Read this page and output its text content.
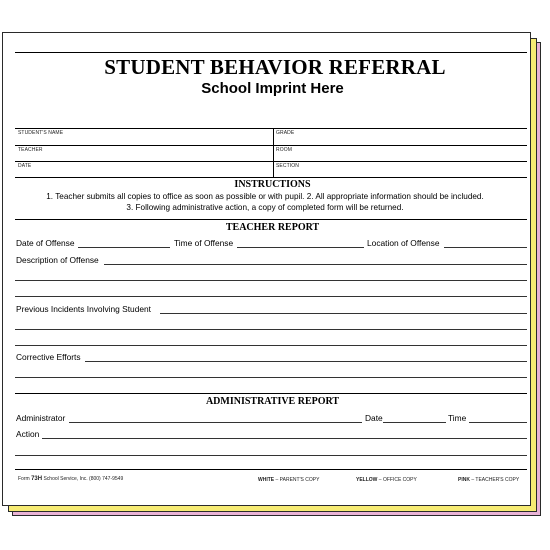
STUDENT BEHAVIOR REFERRAL
School Imprint Here
STUDENT'S NAME	GRADE
TEACHER	ROOM
DATE	SECTION
INSTRUCTIONS
1. Teacher submits all copies to office as soon as possible or with pupil. 2. All appropriate information should be included.
3. Following administrative action, a copy of completed form will be returned.
TEACHER REPORT
Date of Offense	Time of Offense	Location of Offense
Description of Offense
Previous Incidents Involving Student
Corrective Efforts
ADMINISTRATIVE REPORT
Administrator	Date	Time
Action
Form 73H School Service, Inc. (800) 747-9549	WHITE – PARENT'S COPY	YELLOW – OFFICE COPY	PINK – TEACHER'S COPY
